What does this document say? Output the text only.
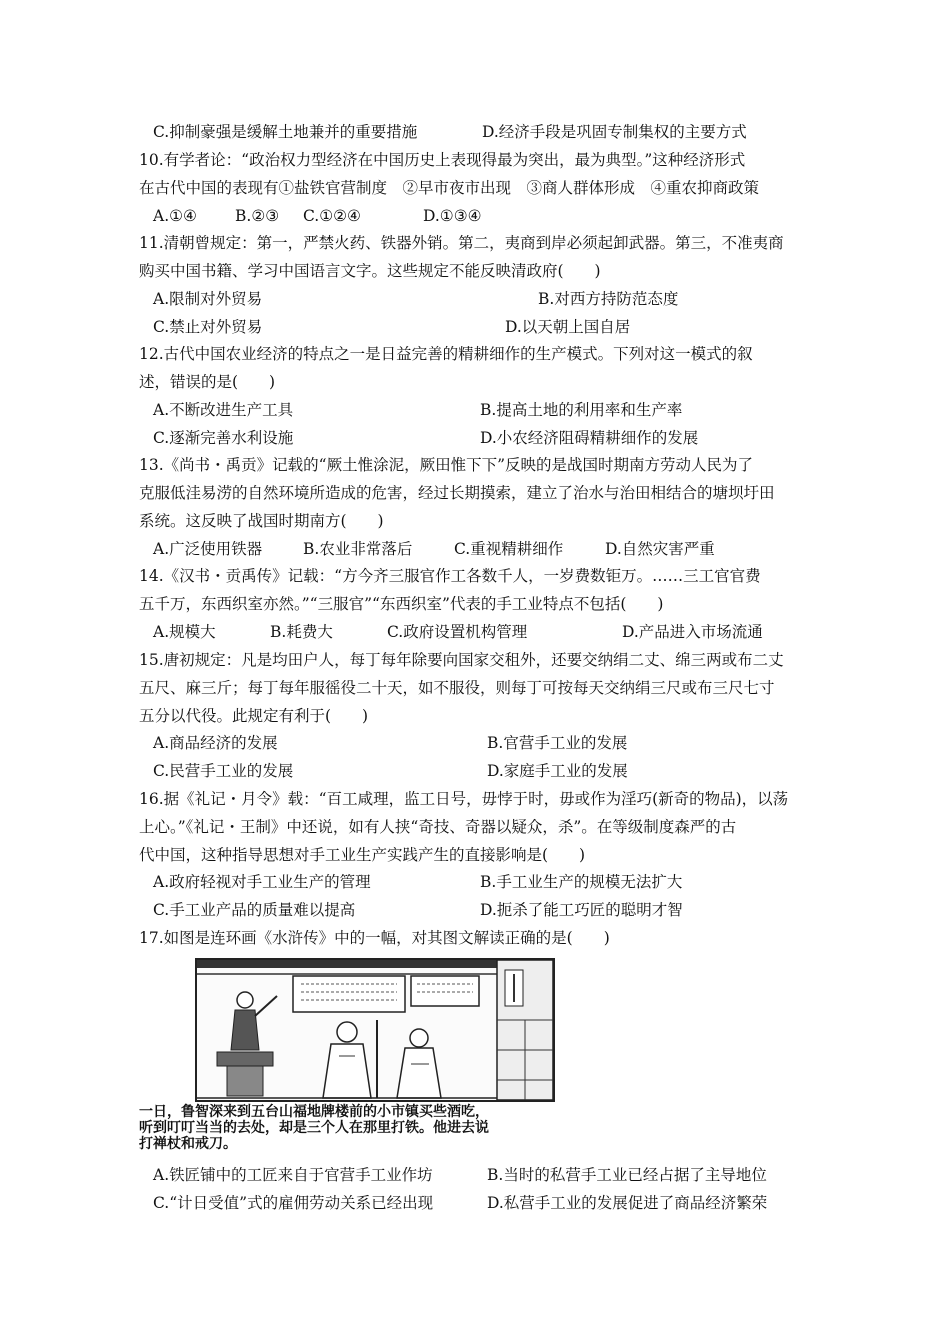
C.抑制豪强是缓解土地兼并的重要措施	D.经济手段是巩固专制集权的主要方式
10.有学者论：“政治权力型经济在中国历史上表现得最为突出，最为典型。”这种经济形式
在古代中国的表现有①盐铁官营制度　②早市夜市出现　③商人群体形成　④重农抑商政策
A.①④ B.②③ C.①②④	D.①③④
11.清朝曾规定：第一，严禁火药、铁器外销。第二，夷商到岸必须起卸武器。第三，不准夷商
购买中国书籍、学习中国语言文字。这些规定不能反映清政府(　　)
A.限制对外贸易	B.对西方持防范态度
C.禁止对外贸易	D.以天朝上国自居
12.古代中国农业经济的特点之一是日益完善的精耕细作的生产模式。下列对这一模式的叙
述，错误的是(　　)
A.不断改进生产工具	B.提高土地的利用率和生产率
C.逐渐完善水利设施	D.小农经济阻碍精耕细作的发展
13.《尚书・禹贡》记载的“厥土惟涂泥，厥田惟下下”反映的是战国时期南方劳动人民为了
克服低洼易涝的自然环境所造成的危害，经过长期摸索，建立了治水与治田相结合的塘坝圩田
系统。这反映了战国时期南方(　　)
A.广泛使用铁器	B.农业非常落后	C.重视精耕细作	D.自然灾害严重
14.《汉书・贡禹传》记载：“方今齐三服官作工各数千人，一岁费数钜万。……三工官官费
五千万，东西织室亦然。”“三服官”“东西织室”代表的手工业特点不包括(　　)
A.规模大	B.耗费大	C.政府设置机构管理	D.产品进入市场流通
15.唐初规定：凡是均田户人，每丁每年除要向国家交租外，还要交纳绢二丈、绵三两或布二丈
五尺、麻三斤；每丁每年服徭役二十天，如不服役，则每丁可按每天交纳绢三尺或布三尺七寸
五分以代役。此规定有利于(　　)
A.商品经济的发展	B.官营手工业的发展
C.民营手工业的发展	D.家庭手工业的发展
16.据《礼记・月令》载：“百工咸理，监工日号，毋悖于时，毋或作为淫巧(新奇的物品)，以荡
上心。”《礼记・王制》中还说，如有人挟“奇技、奇器以疑众，杀”。在等级制度森严的古
代中国，这种指导思想对手工业生产实践产生的直接影响是(　　)
A.政府轻视对手工业生产的管理	B.手工业生产的规模无法扩大
C.手工业产品的质量难以提高	D.扼杀了能工巧匠的聪明才智
17.如图是连环画《水浒传》中的一幅，对其图文解读正确的是(　　)
一日，鲁智深来到五台山福地牌楼前的小市镇买些酒吃，
听到叮叮当当的去处，却是三个人在那里打铁。他进去说
打禅杖和戒刀。
A.铁匠铺中的工匠来自于官营手工业作坊	B.当时的私营手工业已经占据了主导地位
C.“计日受值”式的雇佣劳动关系已经出现	D.私营手工业的发展促进了商品经济繁荣
